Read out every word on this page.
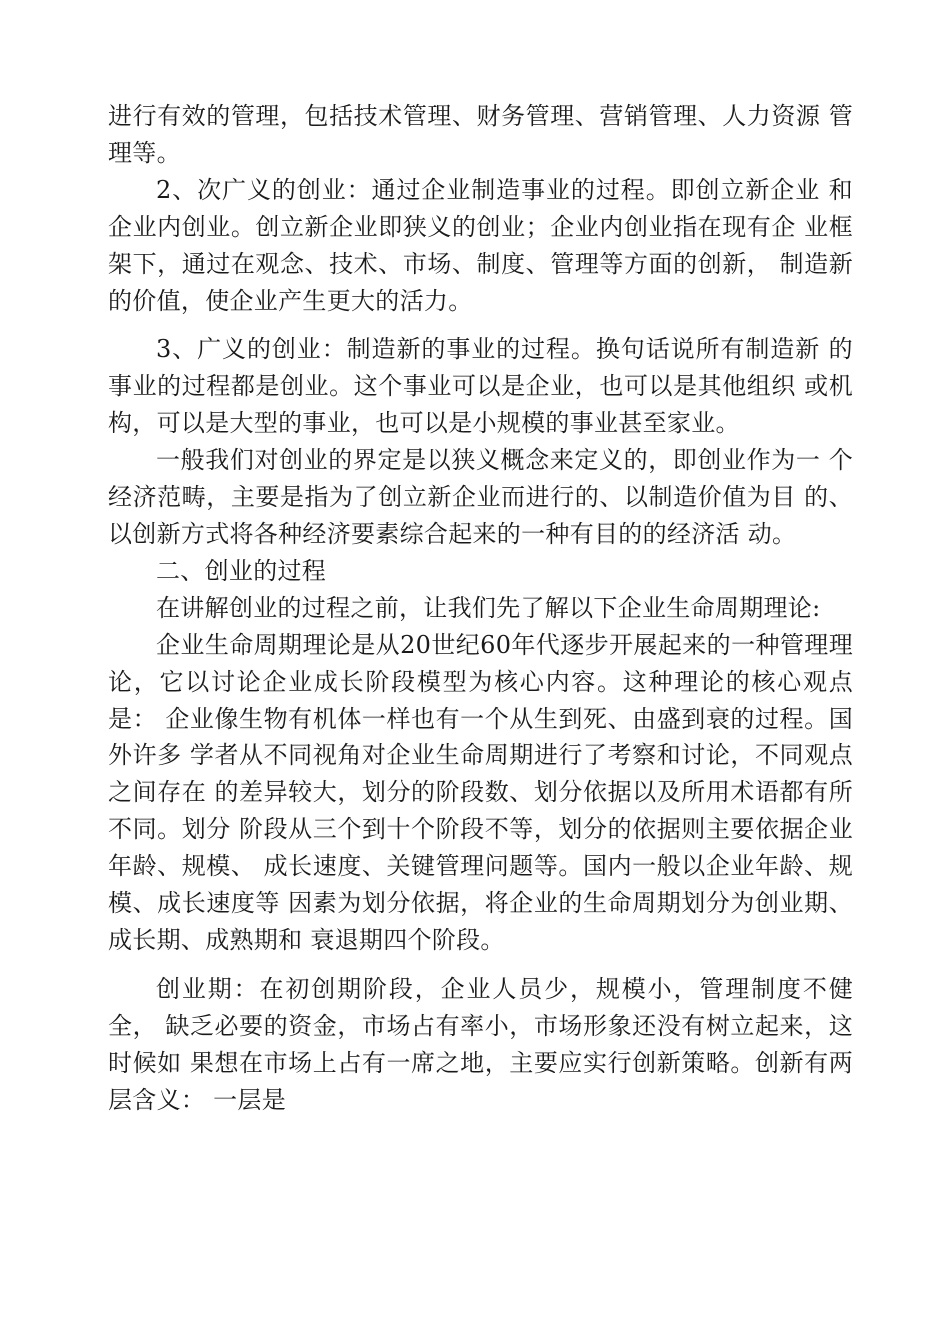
进行有效的管理，包括技术管理、财务管理、营销管理、人力资源 管理等。

2、次广义的创业：通过企业制造事业的过程。即创立新企业 和企业内创业。创立新企业即狭义的创业；企业内创业指在现有企 业框架下，通过在观念、技术、市场、制度、管理等方面的创新， 制造新的价值，使企业产生更大的活力。

3、广义的创业：制造新的事业的过程。换句话说所有制造新 的事业的过程都是创业。这个事业可以是企业，也可以是其他组织 或机构，可以是大型的事业，也可以是小规模的事业甚至家业。

一般我们对创业的界定是以狭义概念来定义的，即创业作为一 个经济范畴，主要是指为了创立新企业而进行的、以制造价值为目 的、以创新方式将各种经济要素综合起来的一种有目的的经济活 动。

二、创业的过程

在讲解创业的过程之前，让我们先了解以下企业生命周期理论:

企业生命周期理论是从20世纪60年代逐步开展起来的一种管理理论，它以讨论企业成长阶段模型为核心内容。这种理论的核心观点是： 企业像生物有机体一样也有一个从生到死、由盛到衰的过程。国外许多 学者从不同视角对企业生命周期进行了考察和讨论，不同观点之间存在 的差异较大，划分的阶段数、划分依据以及所用术语都有所不同。划分 阶段从三个到十个阶段不等，划分的依据则主要依据企业年龄、规模、 成长速度、关键管理问题等。国内一般以企业年龄、规模、成长速度等 因素为划分依据，将企业的生命周期划分为创业期、成长期、成熟期和 衰退期四个阶段。

创业期：在初创期阶段，企业人员少，规模小，管理制度不健全， 缺乏必要的资金，市场占有率小，市场形象还没有树立起来，这时候如 果想在市场上占有一席之地，主要应实行创新策略。创新有两层含义： 一层是
